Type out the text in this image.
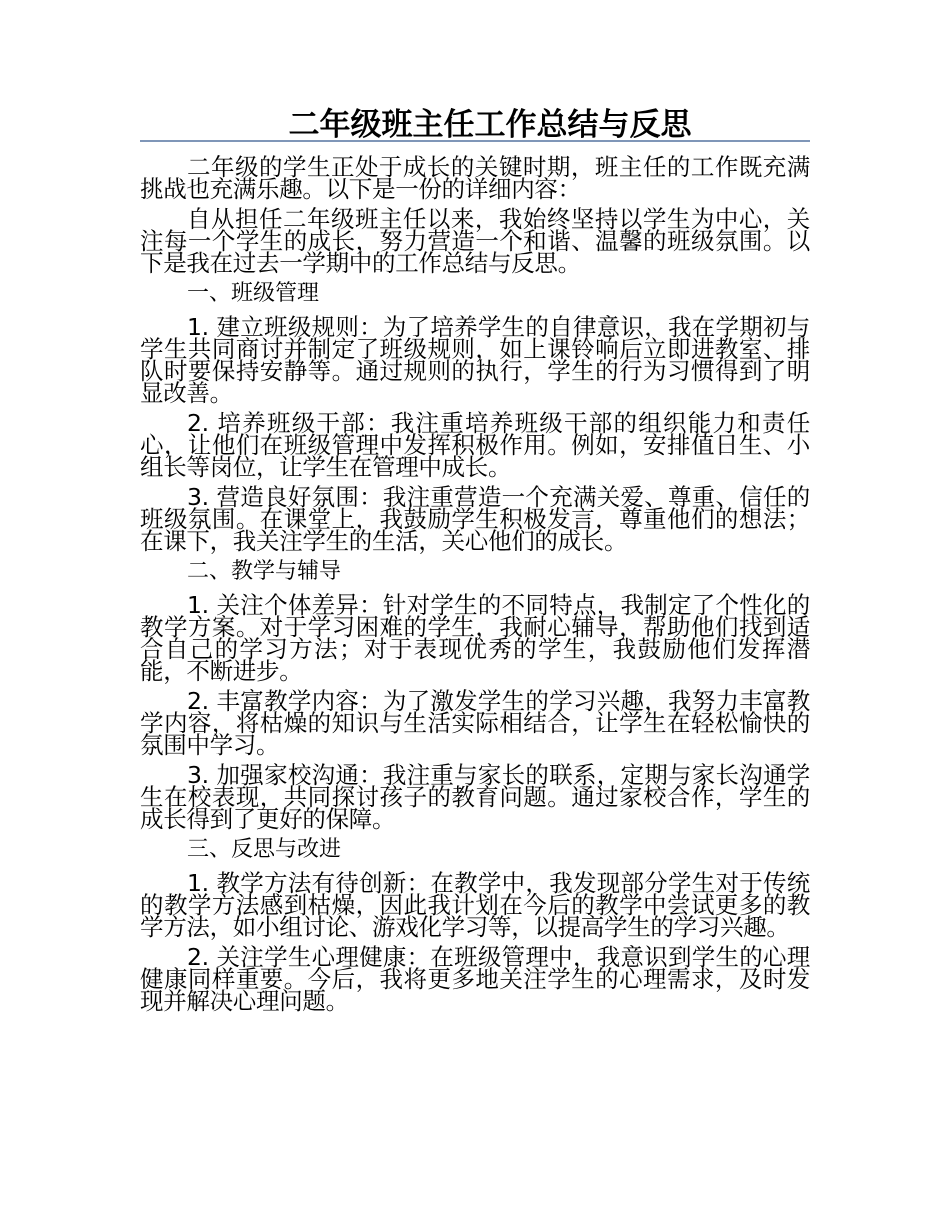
二年级班主任工作总结与反思

二年级的学生正处于成长的关键时期，班主任的工作既充满挑战也充满乐趣。以下是一份的详细内容：

自从担任二年级班主任以来，我始终坚持以学生为中心，关注每一个学生的成长，努力营造一个和谐、温馨的班级氛围。以下是我在过去一学期中的工作总结与反思。

一、班级管理

1. 建立班级规则：为了培养学生的自律意识，我在学期初与学生共同商讨并制定了班级规则，如上课铃响后立即进教室、排队时要保持安静等。通过规则的执行，学生的行为习惯得到了明显改善。

2. 培养班级干部：我注重培养班级干部的组织能力和责任心，让他们在班级管理中发挥积极作用。例如，安排值日生、小组长等岗位，让学生在管理中成长。

3. 营造良好氛围：我注重营造一个充满关爱、尊重、信任的班级氛围。在课堂上，我鼓励学生积极发言，尊重他们的想法；在课下，我关注学生的生活，关心他们的成长。

二、教学与辅导

1. 关注个体差异：针对学生的不同特点，我制定了个性化的教学方案。对于学习困难的学生，我耐心辅导，帮助他们找到适合自己的学习方法；对于表现优秀的学生，我鼓励他们发挥潜能，不断进步。

2. 丰富教学内容：为了激发学生的学习兴趣，我努力丰富教学内容，将枯燥的知识与生活实际相结合，让学生在轻松愉快的氛围中学习。

3. 加强家校沟通：我注重与家长的联系，定期与家长沟通学生在校表现，共同探讨孩子的教育问题。通过家校合作，学生的成长得到了更好的保障。

三、反思与改进

1. 教学方法有待创新：在教学中，我发现部分学生对于传统的教学方法感到枯燥，因此我计划在今后的教学中尝试更多的教学方法，如小组讨论、游戏化学习等，以提高学生的学习兴趣。

2. 关注学生心理健康：在班级管理中，我意识到学生的心理健康同样重要。今后，我将更多地关注学生的心理需求，及时发现并解决心理问题。
